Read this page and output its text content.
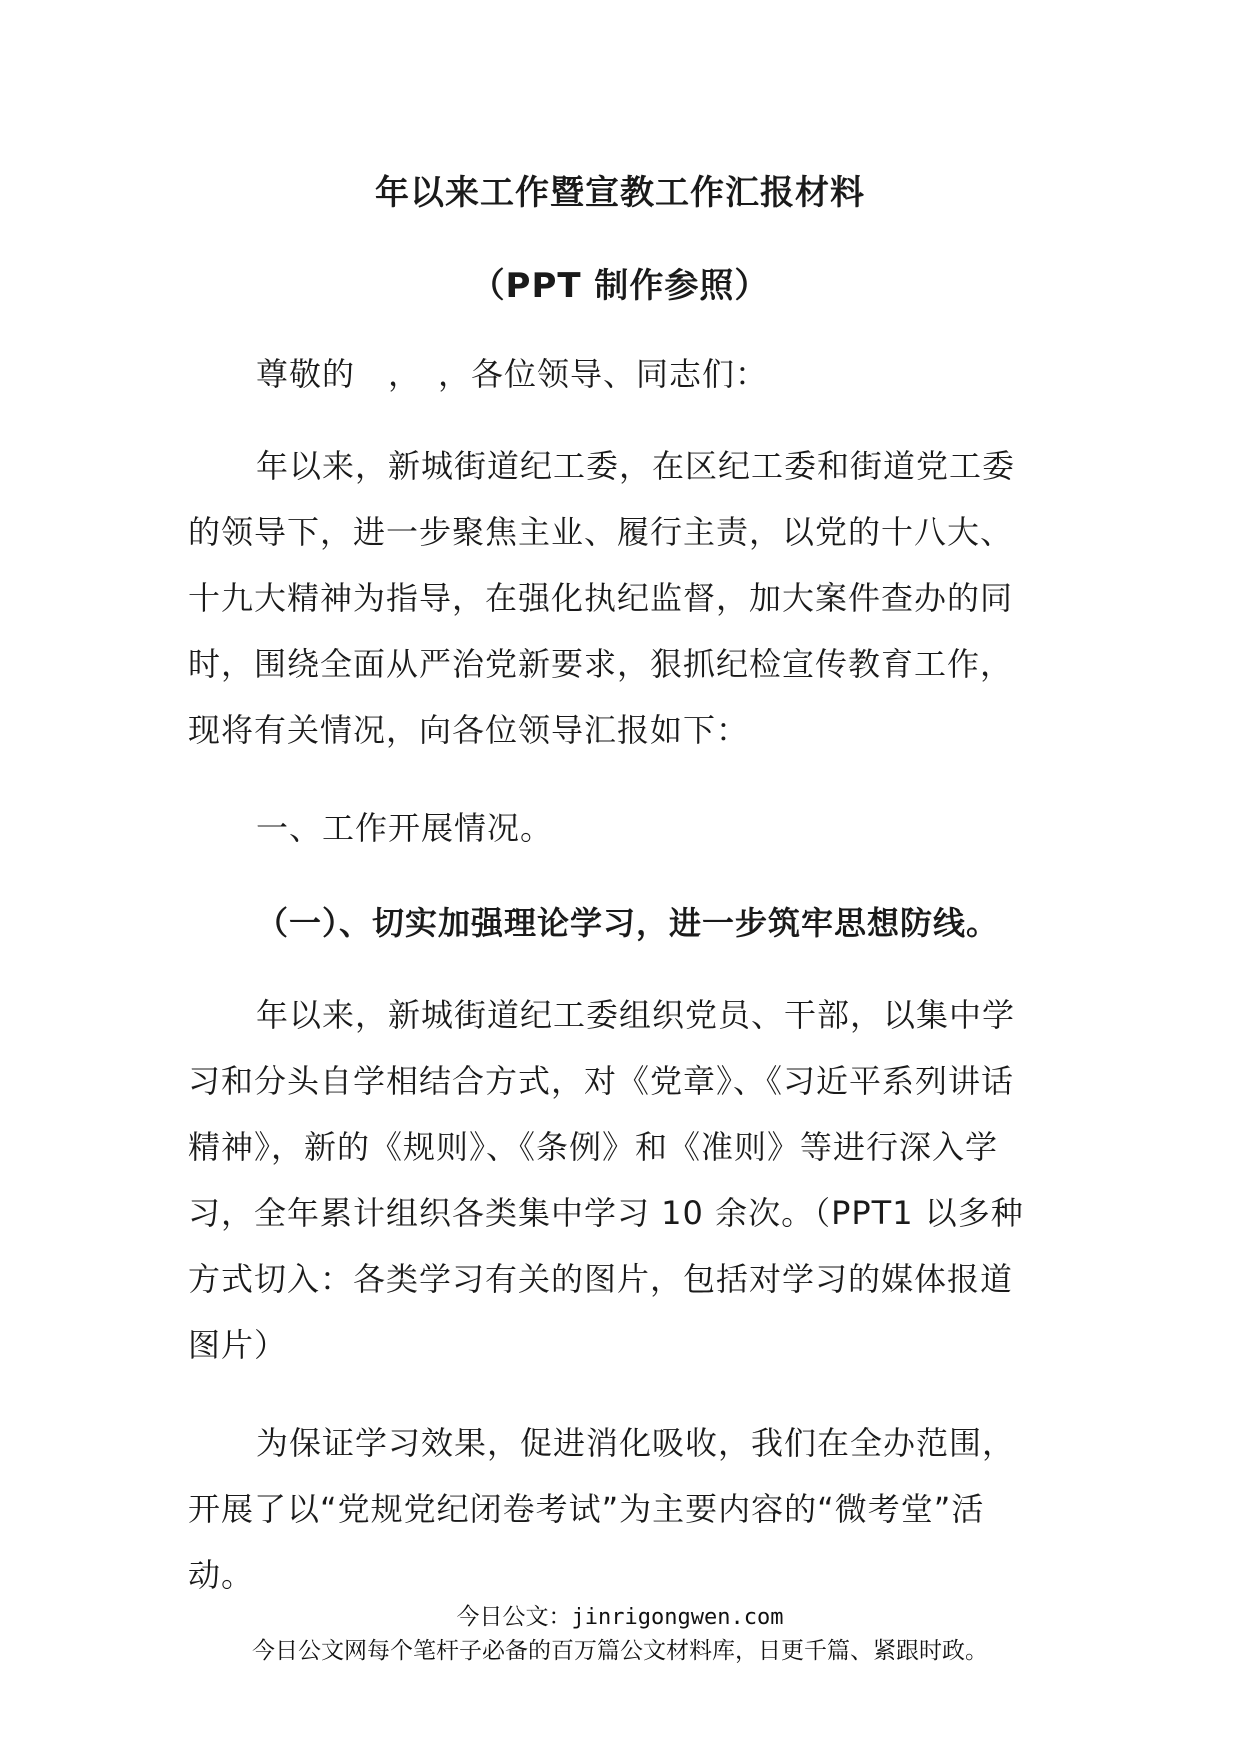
年以来工作暨宣教工作汇报材料
（PPT 制作参照）

尊敬的　，　，各位领导、同志们：

年以来，新城街道纪工委，在区纪工委和街道党工委的领导下，进一步聚焦主业、履行主责，以党的十八大、十九大精神为指导，在强化执纪监督，加大案件查办的同时，围绕全面从严治党新要求，狠抓纪检宣传教育工作，现将有关情况，向各位领导汇报如下：

一、工作开展情况。

（一）、切实加强理论学习，进一步筑牢思想防线。

年以来，新城街道纪工委组织党员、干部，以集中学习和分头自学相结合方式，对《党章》、《习近平系列讲话精神》，新的《规则》、《条例》和《准则》等进行深入学习，全年累计组织各类集中学习 10 余次。（PPT1 以多种方式切入：各类学习有关的图片，包括对学习的媒体报道图片）

为保证学习效果，促进消化吸收，我们在全办范围，开展了以“党规党纪闭卷考试”为主要内容的“微考堂”活动。

今日公文：jinrigongwen.com
今日公文网每个笔杆子必备的百万篇公文材料库，日更千篇、紧跟时政。
